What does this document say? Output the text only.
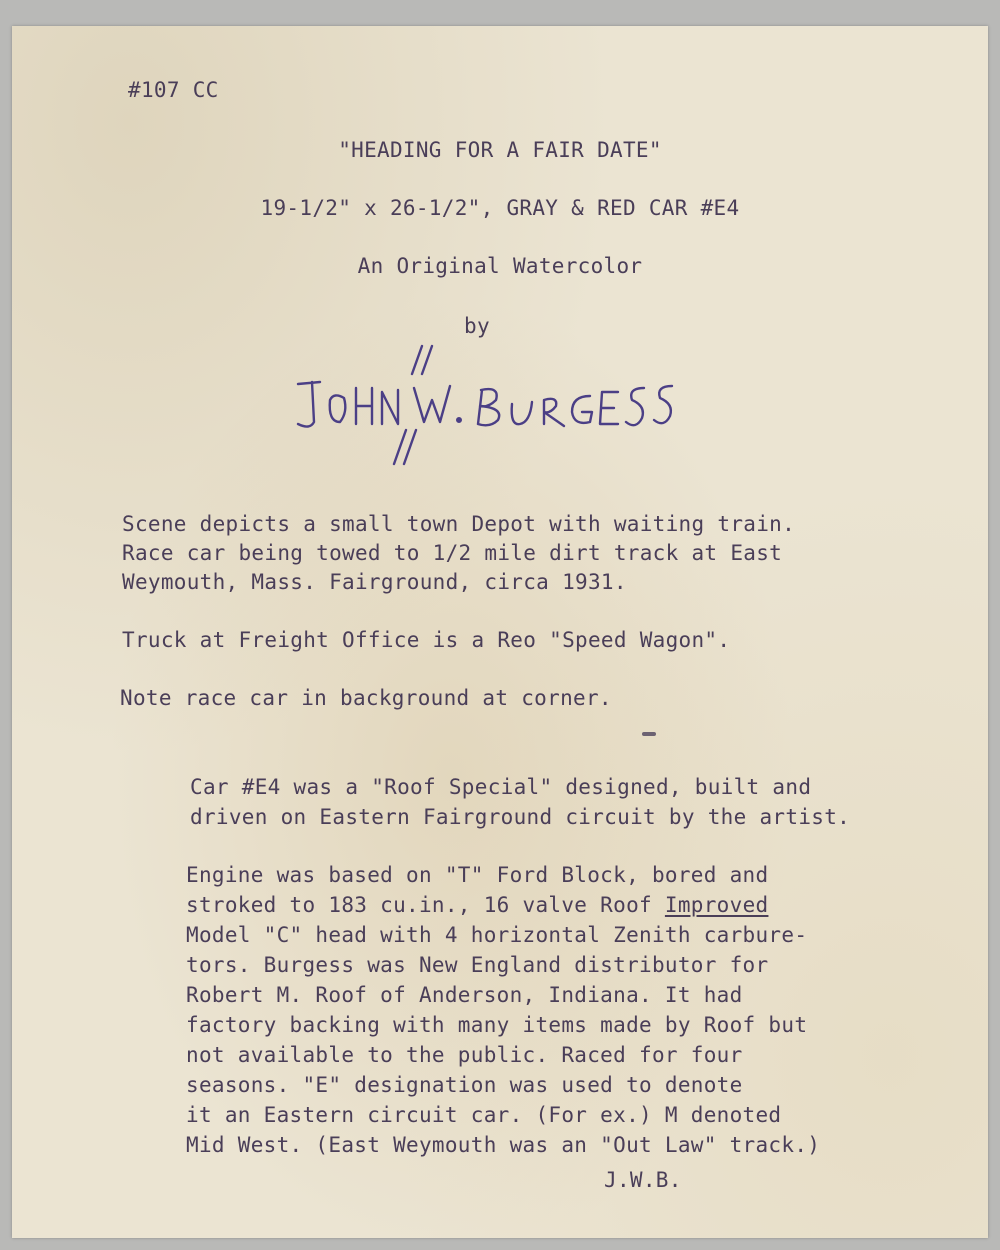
#107 CC

"HEADING FOR A FAIR DATE"

19-1/2" x 26-1/2", GRAY & RED CAR #E4

An Original Watercolor

by

Scene depicts a small town Depot with waiting train.
Race car being towed to 1/2 mile dirt track at East
Weymouth, Mass. Fairground, circa 1931.
Truck at Freight Office is a Reo "Speed Wagon".
Note race car in background at corner.
Car #E4 was a "Roof Special" designed, built and
driven on Eastern Fairground circuit by the artist.
Engine was based on "T" Ford Block, bored and
stroked to 183 cu.in., 16 valve Roof Improved
Model "C" head with 4 horizontal Zenith carbure-
tors. Burgess was New England distributor for
Robert M. Roof of Anderson, Indiana. It had
factory backing with many items made by Roof but
not available to the public. Raced for four
seasons. "E" designation was used to denote
it an Eastern circuit car. (For ex.) M denoted
Mid West. (East Weymouth was an "Out Law" track.)

J.W.B.
